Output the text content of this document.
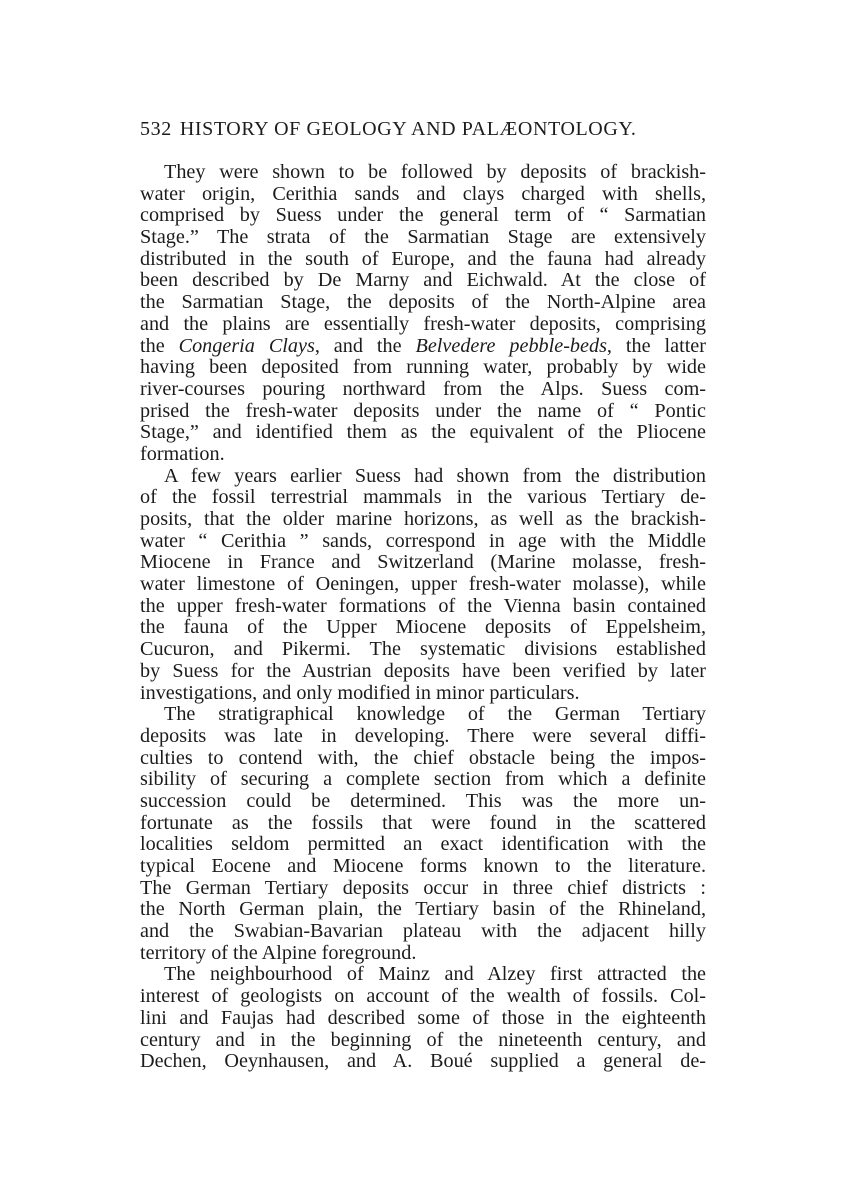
532 HISTORY OF GEOLOGY AND PALÆONTOLOGY.
They were shown to be followed by deposits of brackish-
water origin, Cerithia sands and clays charged with shells,
comprised by Suess under the general term of “ Sarmatian
Stage.” The strata of the Sarmatian Stage are extensively
distributed in the south of Europe, and the fauna had already
been described by De Marny and Eichwald. At the close of
the Sarmatian Stage, the deposits of the North-Alpine area
and the plains are essentially fresh-water deposits, comprising
the Congeria Clays, and the Belvedere pebble-beds, the latter
having been deposited from running water, probably by wide
river-courses pouring northward from the Alps. Suess com-
prised the fresh-water deposits under the name of “ Pontic
Stage,” and identified them as the equivalent of the Pliocene
formation.
A few years earlier Suess had shown from the distribution
of the fossil terrestrial mammals in the various Tertiary de-
posits, that the older marine horizons, as well as the brackish-
water “ Cerithia ” sands, correspond in age with the Middle
Miocene in France and Switzerland (Marine molasse, fresh-
water limestone of Oeningen, upper fresh-water molasse), while
the upper fresh-water formations of the Vienna basin contained
the fauna of the Upper Miocene deposits of Eppelsheim,
Cucuron, and Pikermi. The systematic divisions established
by Suess for the Austrian deposits have been verified by later
investigations, and only modified in minor particulars.
The stratigraphical knowledge of the German Tertiary
deposits was late in developing. There were several diffi-
culties to contend with, the chief obstacle being the impos-
sibility of securing a complete section from which a definite
succession could be determined. This was the more un-
fortunate as the fossils that were found in the scattered
localities seldom permitted an exact identification with the
typical Eocene and Miocene forms known to the literature.
The German Tertiary deposits occur in three chief districts :
the North German plain, the Tertiary basin of the Rhineland,
and the Swabian-Bavarian plateau with the adjacent hilly
territory of the Alpine foreground.
The neighbourhood of Mainz and Alzey first attracted the
interest of geologists on account of the wealth of fossils. Col-
lini and Faujas had described some of those in the eighteenth
century and in the beginning of the nineteenth century, and
Dechen, Oeynhausen, and A. Boué supplied a general de-
